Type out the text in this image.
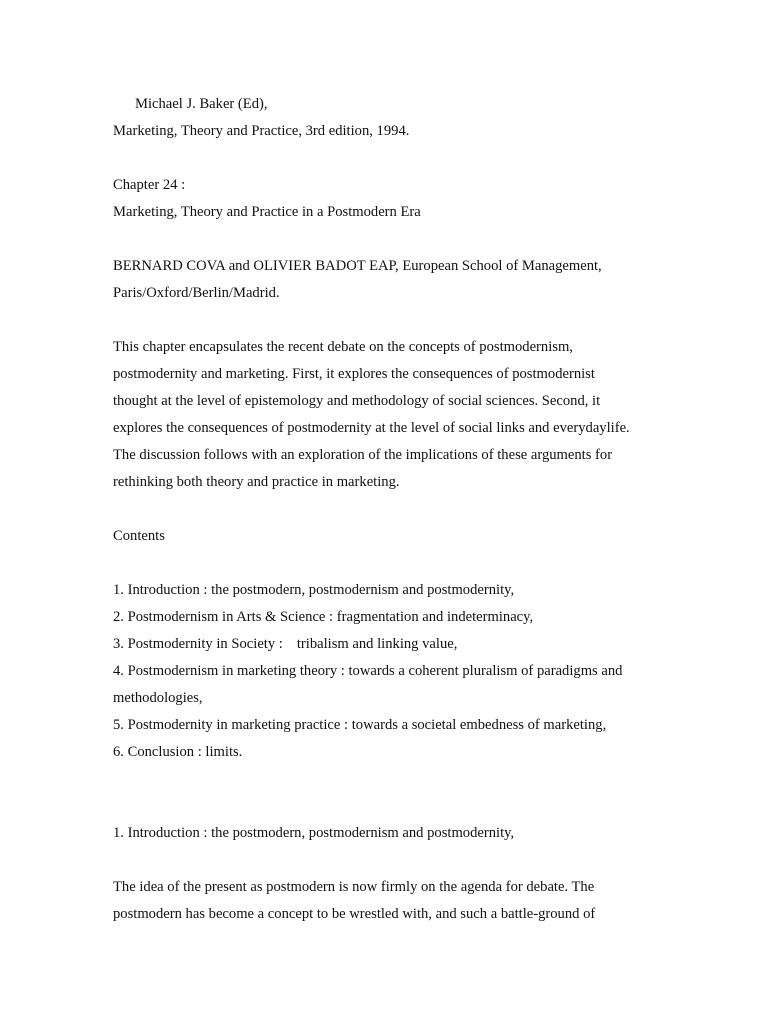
Michael J. Baker (Ed),

Marketing, Theory and Practice, 3rd edition, 1994.

Chapter 24 :

Marketing, Theory and Practice in a Postmodern Era

BERNARD COVA and OLIVIER BADOT EAP, European School of Management,

Paris/Oxford/Berlin/Madrid.

This chapter encapsulates the recent debate on the concepts of postmodernism,

postmodernity and marketing. First, it explores the consequences of postmodernist

thought at the level of epistemology and methodology of social sciences. Second, it

explores the consequences of postmodernity at the level of social links and everydaylife.

The discussion follows with an exploration of the implications of these arguments for

rethinking both theory and practice in marketing.

Contents

1. Introduction : the postmodern, postmodernism and postmodernity,

2. Postmodernism in Arts & Science : fragmentation and indeterminacy,

3. Postmodernity in Society : tribalism and linking value,

4. Postmodernism in marketing theory : towards a coherent pluralism of paradigms and

methodologies,

5. Postmodernity in marketing practice : towards a societal embedness of marketing,

6. Conclusion : limits.

1. Introduction : the postmodern, postmodernism and postmodernity,

The idea of the present as postmodern is now firmly on the agenda for debate. The

postmodern has become a concept to be wrestled with, and such a battle-ground of
